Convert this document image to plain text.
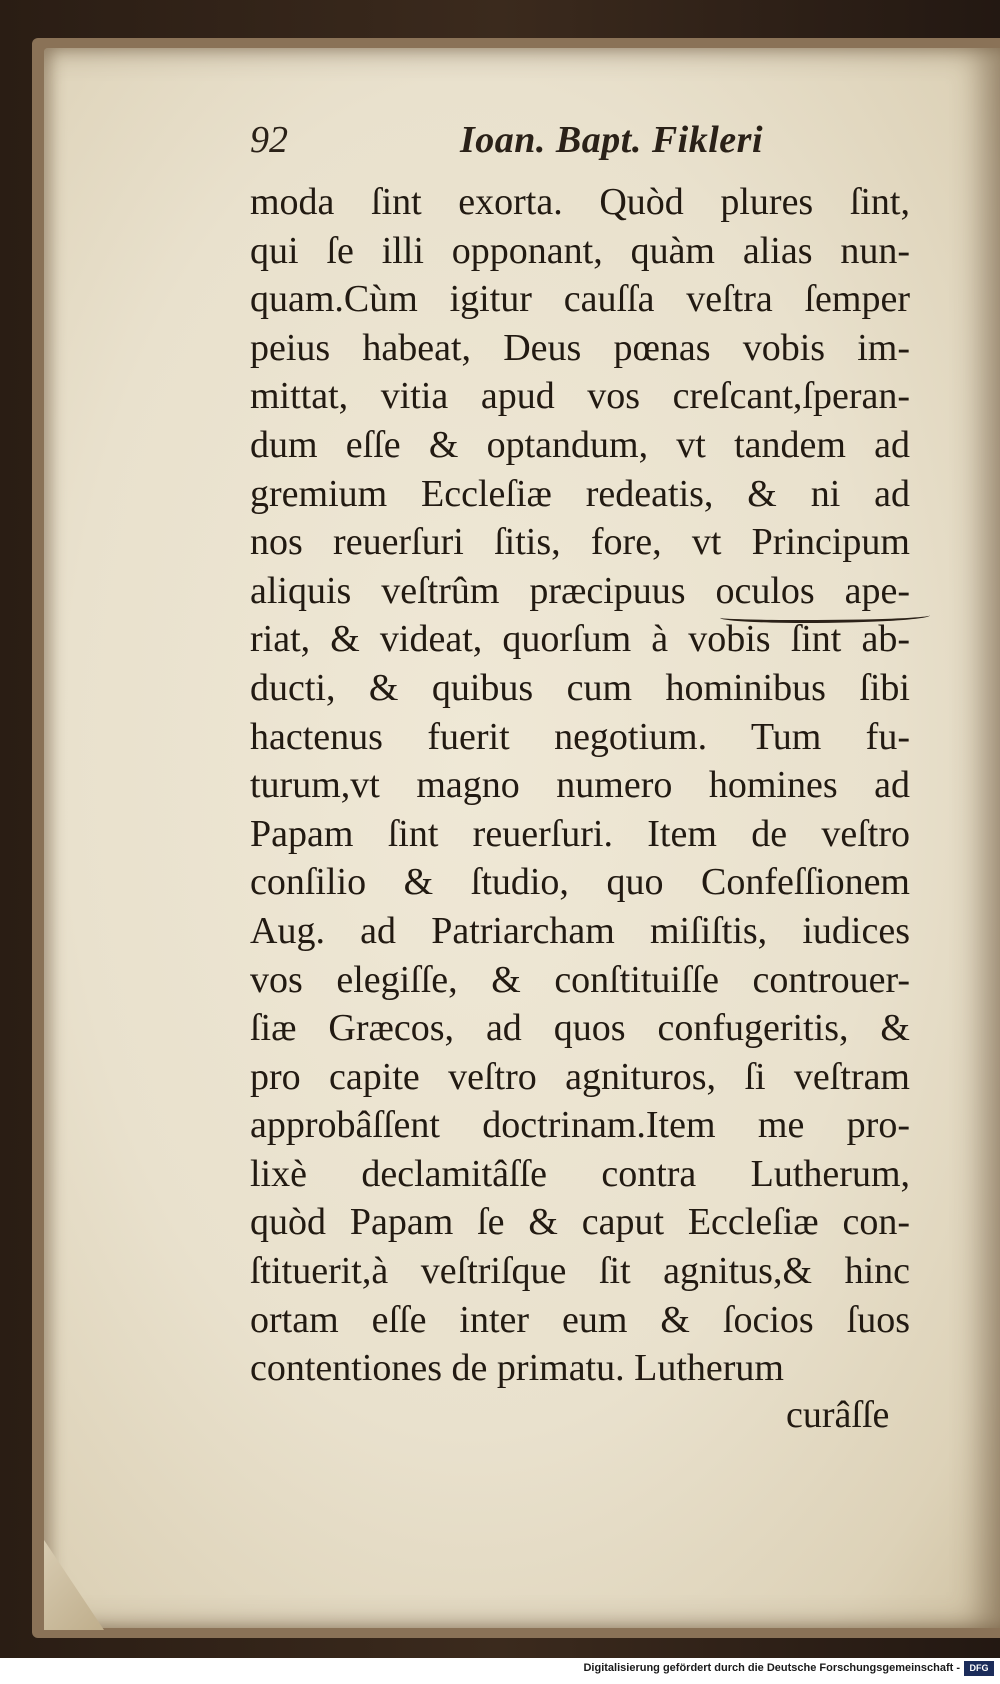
92	Ioan. Bapt. Fikleri
moda ſint exorta. Quòd plures ſint,
qui ſe illi opponant, quàm alias nun-
quam.Cùm igitur cauſſa veſtra ſemper
peius habeat, Deus pœnas vobis im-
mittat, vitia apud vos creſcant,ſperan-
dum eſſe & optandum, vt tandem ad
gremium Eccleſiæ redeatis, & ni ad
nos reuerſuri ſitis, fore, vt Principum
aliquis veſtrûm præcipuus oculos ape-
riat, & videat, quorſum à vobis ſint ab-
ducti, & quibus cum hominibus ſibi
hactenus fuerit negotium. Tum fu-
turum,vt magno numero homines ad
Papam ſint reuerſuri. Item de veſtro
conſilio & ſtudio, quo Confeſſionem
Aug. ad Patriarcham miſiſtis, iudices
vos elegiſſe, & conſtituiſſe controuer-
ſiæ Græcos, ad quos confugeritis, &
pro capite veſtro agnituros, ſi veſtram
approbâſſent doctrinam.Item me pro-
lixè declamitâſſe contra Lutherum,
quòd Papam ſe & caput Eccleſiæ con-
ſtituerit,à veſtriſque ſit agnitus,& hinc
ortam eſſe inter eum & ſocios ſuos
contentiones de primatu. Lutherum
curâſſe
Digitalisierung gefördert durch die Deutsche Forschungsgemeinschaft -	DFG
